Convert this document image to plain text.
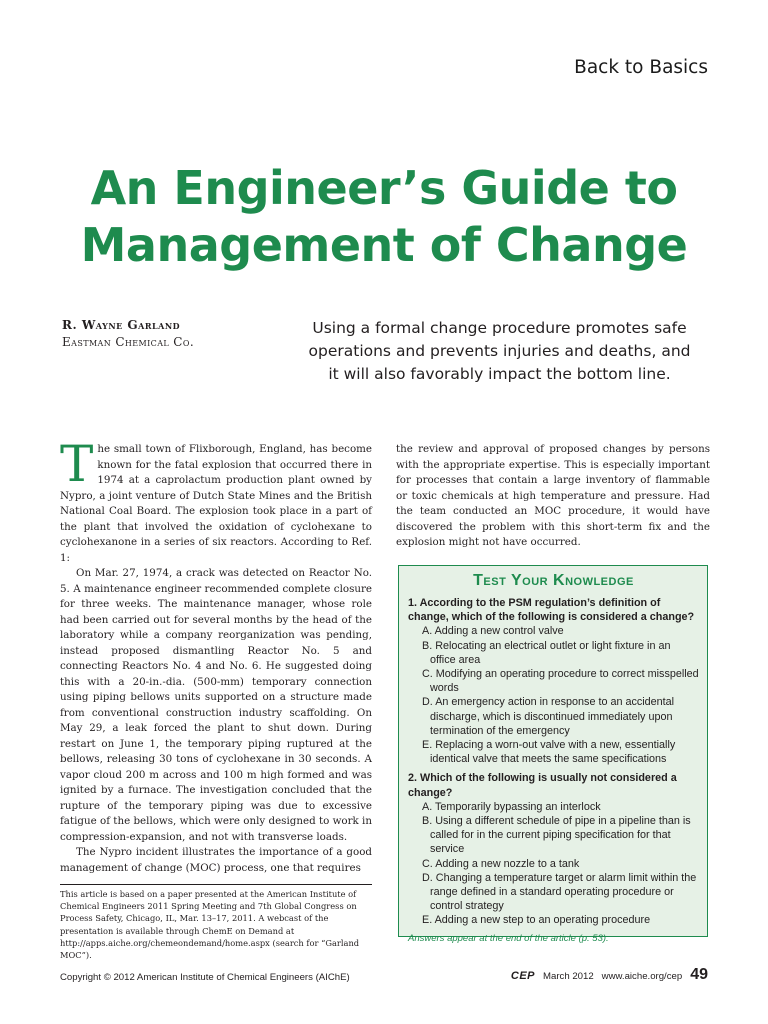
Back to Basics
An Engineer’s Guide to
Management of Change
R. Wayne Garland
Eastman Chemical Co.
Using a formal change procedure promotes safe operations and prevents injuries and deaths, and it will also favorably impact the bottom line.

The small town of Flixborough, England, has become known for the fatal explosion that occurred there in 1974 at a caprolactum production plant owned by Nypro, a joint venture of Dutch State Mines and the British National Coal Board. The explosion took place in a part of the plant that involved the oxidation of cyclohexane to cyclohexanone in a series of six reactors. According to Ref. 1:

On Mar. 27, 1974, a crack was detected on Reactor No. 5. A maintenance engineer recommended complete closure for three weeks. The maintenance manager, whose role had been carried out for several months by the head of the laboratory while a company reorganization was pending, instead proposed dismantling Reactor No. 5 and connecting Reactors No. 4 and No. 6. He suggested doing this with a 20-in.-dia. (500-mm) temporary connection using piping bellows units supported on a structure made from conventional construction industry scaffolding. On May 29, a leak forced the plant to shut down. During restart on June 1, the temporary piping ruptured at the bellows, releasing 30 tons of cyclohexane in 30 seconds. A vapor cloud 200 m across and 100 m high formed and was ignited by a furnace. The investigation concluded that the rupture of the temporary piping was due to excessive fatigue of the bellows, which were only designed to work in compression-expansion, and not with transverse loads.

The Nypro incident illustrates the importance of a good management of change (MOC) process, one that requires

This article is based on a paper presented at the American Institute of Chemical Engineers 2011 Spring Meeting and 7th Global Congress on Process Safety, Chicago, IL, Mar. 13–17, 2011. A webcast of the presentation is available through ChemE on Demand at http://apps.aiche.org/chemeondemand/home.aspx (search for “Garland MOC”).

the review and approval of proposed changes by persons with the appropriate expertise. This is especially important for processes that contain a large inventory of flammable or toxic chemicals at high temperature and pressure. Had the team conducted an MOC procedure, it would have discovered the problem with this short-term fix and the explosion might not have occurred.

Test Your Knowledge
1. According to the PSM regulation’s definition of change, which of the following is considered a change?
A. Adding a new control valve
B. Relocating an electrical outlet or light fixture in an office area
C. Modifying an operating procedure to correct misspelled words
D. An emergency action in response to an accidental discharge, which is discontinued immediately upon termination of the emergency
E. Replacing a worn-out valve with a new, essentially identical valve that meets the same specifications
2. Which of the following is usually not considered a change?
A. Temporarily bypassing an interlock
B. Using a different schedule of pipe in a pipeline than is called for in the current piping specification for that service
C. Adding a new nozzle to a tank
D. Changing a temperature target or alarm limit within the range defined in a standard operating procedure or control strategy
E. Adding a new step to an operating procedure
Answers appear at the end of the article (p. 53).
Copyright © 2012 American Institute of Chemical Engineers (AIChE)	CEP March 2012 www.aiche.org/cep 49
